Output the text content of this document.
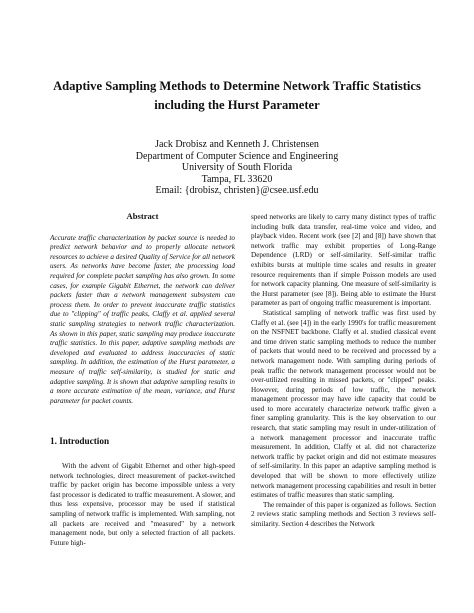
Adaptive Sampling Methods to Determine Network Traffic Statistics
including the Hurst Parameter
Jack Drobisz and Kenneth J. Christensen
Department of Computer Science and Engineering
University of South Florida
Tampa, FL 33620
Email: {drobisz, christen}@csee.usf.edu

Abstract

Accurate traffic characterization by packet source is needed to predict network behavior and to properly allocate network resources to achieve a desired Quality of Service for all network users. As networks have become faster, the processing load required for complete packet sampling has also grown. In some cases, for example Gigabit Ethernet, the network can deliver packets faster than a network management subsystem can process them. In order to prevent inaccurate traffic statistics due to "clipping" of traffic peaks, Claffy et al. applied several static sampling strategies to network traffic characterization. As shown in this paper, static sampling may produce inaccurate traffic statistics. In this paper, adaptive sampling methods are developed and evaluated to address inaccuracies of static sampling. In addition, the estimation of the Hurst parameter, a measure of traffic self-similarity, is studied for static and adaptive sampling. It is shown that adaptive sampling results in a more accurate estimation of the mean, variance, and Hurst parameter for packet counts.

1. Introduction

With the advent of Gigabit Ethernet and other high-speed network technologies, direct measurement of packet-switched traffic by packet origin has become impossible unless a very fast processor is dedicated to traffic measurement. A slower, and thus less expensive, processor may be used if statistical sampling of network traffic is implemented. With sampling, not all packets are received and "measured" by a network management node, but only a selected fraction of all packets. Future high-

speed networks are likely to carry many distinct types of traffic including bulk data transfer, real-time voice and video, and playback video. Recent work (see [2] and [8]) have shown that network traffic may exhibit properties of Long-Range Dependence (LRD) or self-similarity. Self-similar traffic exhibits bursts at multiple time scales and results in greater resource requirements than if simple Poisson models are used for network capacity planning. One measure of self-similarity is the Hurst parameter (see [8]). Being able to estimate the Hurst parameter as part of ongoing traffic measurement is important.

Statistical sampling of network traffic was first used by Claffy et al. (see [4]) in the early 1990's for traffic measurement on the NSFNET backbone. Claffy et al. studied classical event and time driven static sampling methods to reduce the number of packets that would need to be received and processed by a network management node. With sampling during periods of peak traffic the network management processor would not be over-utilized resulting in missed packets, or "clipped" peaks. However, during periods of low traffic, the network management processor may have idle capacity that could be used to more accurately characterize network traffic given a finer sampling granularity. This is the key observation to our research, that static sampling may result in under-utilization of a network management processor and inaccurate traffic measurement. In addition, Claffy et al. did not characterize network traffic by packet origin and did not estimate measures of self-similarity. In this paper an adaptive sampling method is developed that will be shown to more effectively utilize network management processing capabilities and result in better estimates of traffic measures than static sampling.

The remainder of this paper is organized as follows. Section 2 reviews static sampling methods and Section 3 reviews self-similarity. Section 4 describes the Network
